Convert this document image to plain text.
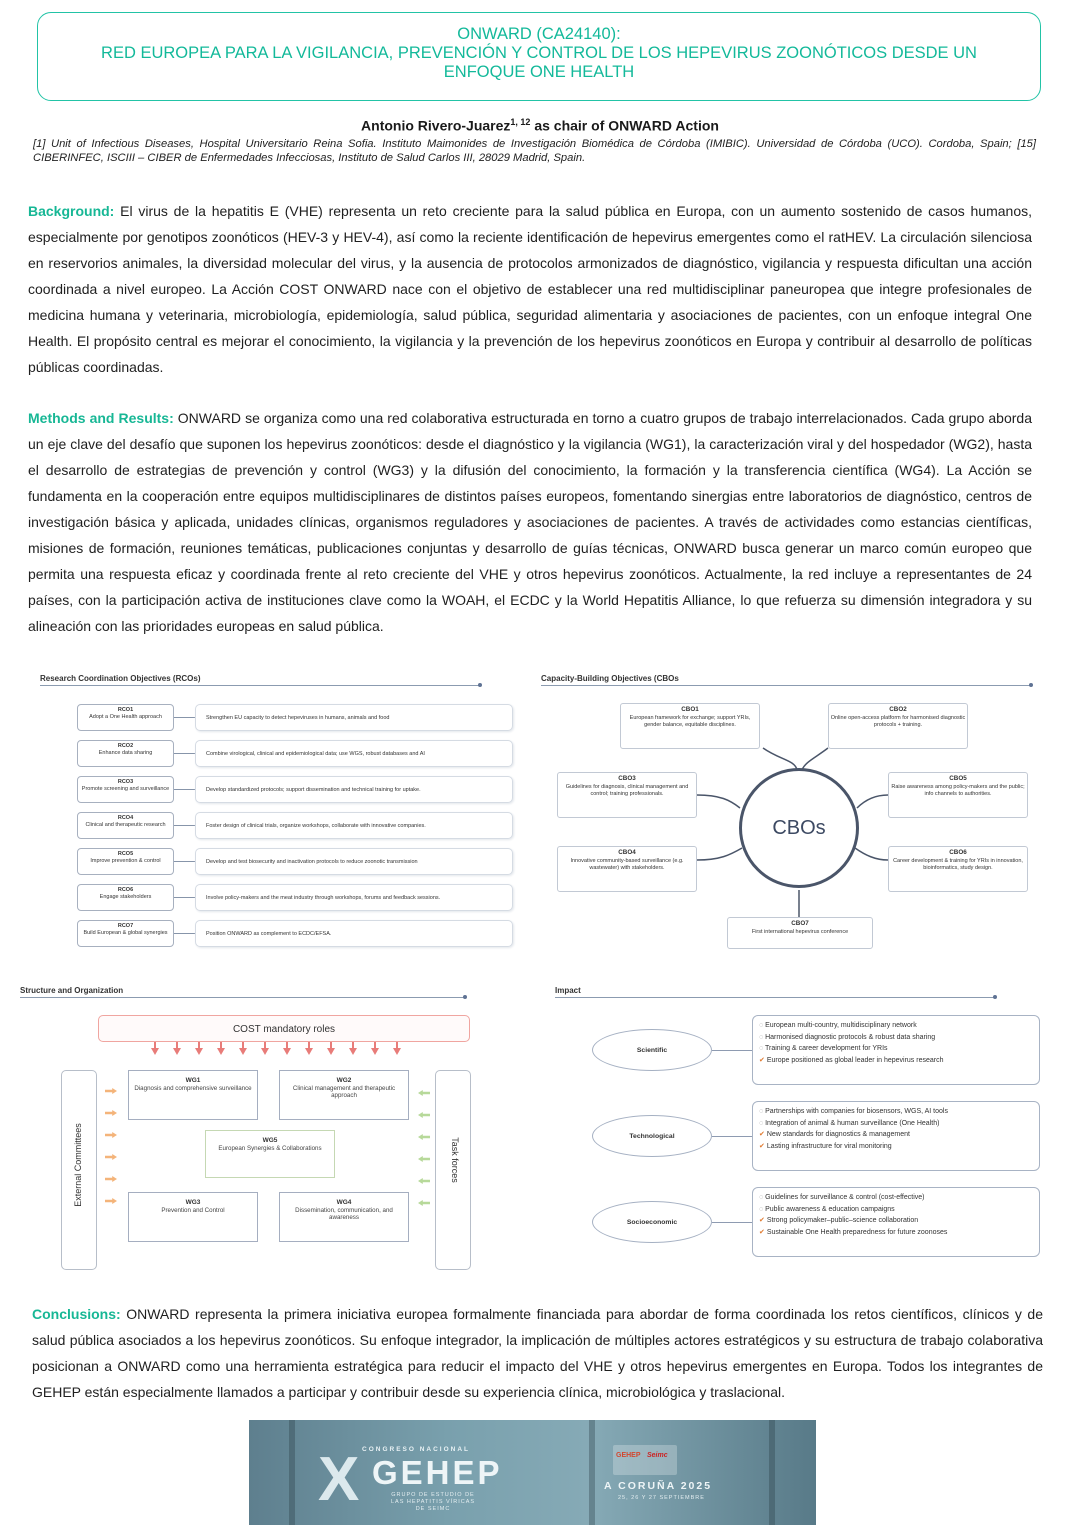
ONWARD (CA24140):
RED EUROPEA PARA LA VIGILANCIA, PREVENCIÓN Y CONTROL DE LOS HEPEVIRUS ZOONÓTICOS DESDE UN ENFOQUE ONE HEALTH
Antonio Rivero-Juarez$^{1, 12}$ as chair of ONWARD Action
[1] Unit of Infectious Diseases, Hospital Universitario Reina Sofia. Instituto Maimonides de Investigación Biomédica de Córdoba (IMIBIC). Universidad de Córdoba (UCO). Cordoba, Spain; [15] CIBERINFEC, ISCIII – CIBER de Enfermedades Infecciosas, Instituto de Salud Carlos III, 28029 Madrid, Spain.
Background: El virus de la hepatitis E (VHE) representa un reto creciente para la salud pública en Europa, con un aumento sostenido de casos humanos, especialmente por genotipos zoonóticos (HEV-3 y HEV-4), así como la reciente identificación de hepevirus emergentes como el ratHEV. La circulación silenciosa en reservorios animales, la diversidad molecular del virus, y la ausencia de protocolos armonizados de diagnóstico, vigilancia y respuesta dificultan una acción coordinada a nivel europeo. La Acción COST ONWARD nace con el objetivo de establecer una red multidisciplinar paneuropea que integre profesionales de medicina humana y veterinaria, microbiología, epidemiología, salud pública, seguridad alimentaria y asociaciones de pacientes, con un enfoque integral One Health. El propósito central es mejorar el conocimiento, la vigilancia y la prevención de los hepevirus zoonóticos en Europa y contribuir al desarrollo de políticas públicas coordinadas.
Methods and Results: ONWARD se organiza como una red colaborativa estructurada en torno a cuatro grupos de trabajo interrelacionados. Cada grupo aborda un eje clave del desafío que suponen los hepevirus zoonóticos: desde el diagnóstico y la vigilancia (WG1), la caracterización viral y del hospedador (WG2), hasta el desarrollo de estrategias de prevención y control (WG3) y la difusión del conocimiento, la formación y la transferencia científica (WG4). La Acción se fundamenta en la cooperación entre equipos multidisciplinares de distintos países europeos, fomentando sinergias entre laboratorios de diagnóstico, centros de investigación básica y aplicada, unidades clínicas, organismos reguladores y asociaciones de pacientes. A través de actividades como estancias científicas, misiones de formación, reuniones temáticas, publicaciones conjuntas y desarrollo de guías técnicas, ONWARD busca generar un marco común europeo que permita una respuesta eficaz y coordinada frente al reto creciente del VHE y otros hepevirus zoonóticos. Actualmente, la red incluye a representantes de 24 países, con la participación activa de instituciones clave como la WOAH, el ECDC y la World Hepatitis Alliance, lo que refuerza su dimensión integradora y su alineación con las prioridades europeas en salud pública.
Research Coordination Objectives (RCOs)
RCO1
Adopt a One Health approach	Strengthen EU capacity to detect hepeviruses in humans, animals and food
RCO2
Enhance data sharing	Combine virological, clinical and epidemiological data; use WGS, robust databases and AI
RCO3
Promote screening and surveillance	Develop standardized protocols; support dissemination and technical training for uptake.
RCO4
Clinical and therapeutic research	Foster design of clinical trials, organize workshops, collaborate with innovative companies.
RCO5
Improve prevention & control	Develop and test biosecurity and inactivation protocols to reduce zoonotic transmission
RCO6
Engage stakeholders	Involve policy-makers and the meat industry through workshops, forums and feedback sessions.
RCO7
Build European & global synergies	Position ONWARD as complement to ECDC/EFSA.
Capacity-Building Objectives (CBOs
CBOs
CBO1
European framework for exchange; support YRIs, gender balance, equitable disciplines.
CBO2
Online open-access platform for harmonised diagnostic protocols + training.
CBO3
Guidelines for diagnosis, clinical management and control; training professionals.
CBO5
Raise awareness among policy-makers and the public; info channels to authorities.
CBO4
Innovative community-based surveillance (e.g. wastewater) with stakeholders.
CBO6
Career development & training for YRIs in innovation, bioinformatics, study design.
CBO7
First international hepevirus conference
Structure and Organization
COST mandatory roles
External Committees	Task forces
WG1
Diagnosis and comprehensive surveillance
WG2
Clinical management and therapeutic approach
WG5
European Synergies & Collaborations
WG3
Prevention and Control
WG4
Dissemination, communication, and awareness
Impact
Scientific
◌ European multi-country, multidisciplinary network
◌ Harmonised diagnostic protocols & robust data sharing
◌ Training & career development for YRIs
✔ Europe positioned as global leader in hepevirus research
Technological
◌ Partnerships with companies for biosensors, WGS, AI tools
◌ Integration of animal & human surveillance (One Health)
✔ New standards for diagnostics & management
✔ Lasting infrastructure for viral monitoring
Socioeconomic
◌ Guidelines for surveillance & control (cost-effective)
◌ Public awareness & education campaigns
✔ Strong policymaker–public–science collaboration
✔ Sustainable One Health preparedness for future zoonoses
Conclusions: ONWARD representa la primera iniciativa europea formalmente financiada para abordar de forma coordinada los retos científicos, clínicos y de salud pública asociados a los hepevirus zoonóticos. Su enfoque integrador, la implicación de múltiples actores estratégicos y su estructura de trabajo colaborativa posicionan a ONWARD como una herramienta estratégica para reducir el impacto del VHE y otros hepevirus emergentes en Europa. Todos los integrantes de GEHEP están especialmente llamados a participar y contribuir desde su experiencia clínica, microbiológica y traslacional.
CONGRESO NACIONAL
X GEHEP
GRUPO DE ESTUDIO DE LAS HEPATITIS VÍRICAS DE SEIMC
GEHEP Seimc
A CORUÑA 2025
25, 26 Y 27 SEPTIEMBRE
